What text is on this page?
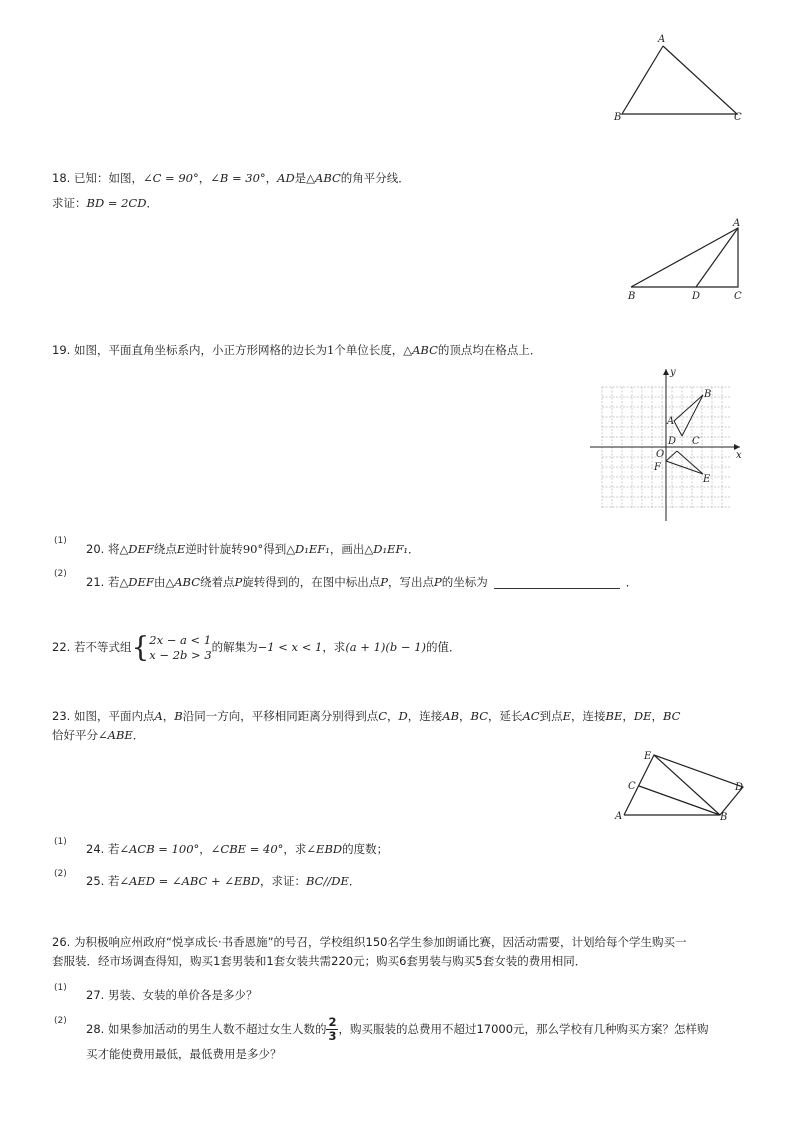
A
B	C
18. 已知：如图，∠C = 90°，∠B = 30°，AD是△ABC的角平分线．
求证：BD = 2CD．
A
B	D	C
19. 如图，平面直角坐标系内，小正方形网格的边长为1个单位长度，△ABC的顶点均在格点上．
y
x
O
A
B
C
D
E
F
(1)
20. 将△DEF绕点E逆时针旋转90°得到△D₁EF₁，画出△D₁EF₁．
(2)
21. 若△DEF由△ABC绕着点P旋转得到的，在图中标出点P，写出点P的坐标为	．
22. 若不等式组{ 2x − a < 1
x − 2b > 3
的解集为−1 < x < 1，求(a + 1)(b − 1)的值．
23. 如图，平面内点A，B沿同一方向，平移相同距离分别得到点C，D，连接AB，BC，延长AC到点E，连接BE，DE，BC
恰好平分∠ABE．
A	B
C	D
E
(1) 24. 若∠ACB = 100°，∠CBE = 40°，求∠EBD的度数；
(2) 25. 若∠AED = ∠ABC + ∠EBD，求证：BC//DE．
26. 为积极响应州政府“悦享成长·书香恩施”的号召，学校组织150名学生参加朗诵比赛，因活动需要，计划给每个学生购买一
套服装．经市场调查得知，购买1套男装和1套女装共需220元；购买6套男装与购买5套女装的费用相同．
(1) 27. 男装、女装的单价各是多少？
(2)
28. 如果参加活动的男生人数不超过女生人数的 $\frac{2}{3}$ ，购买服装的总费用不超过17000元，那么学校有几种购买方案？怎样购
买才能使费用最低，最低费用是多少？
